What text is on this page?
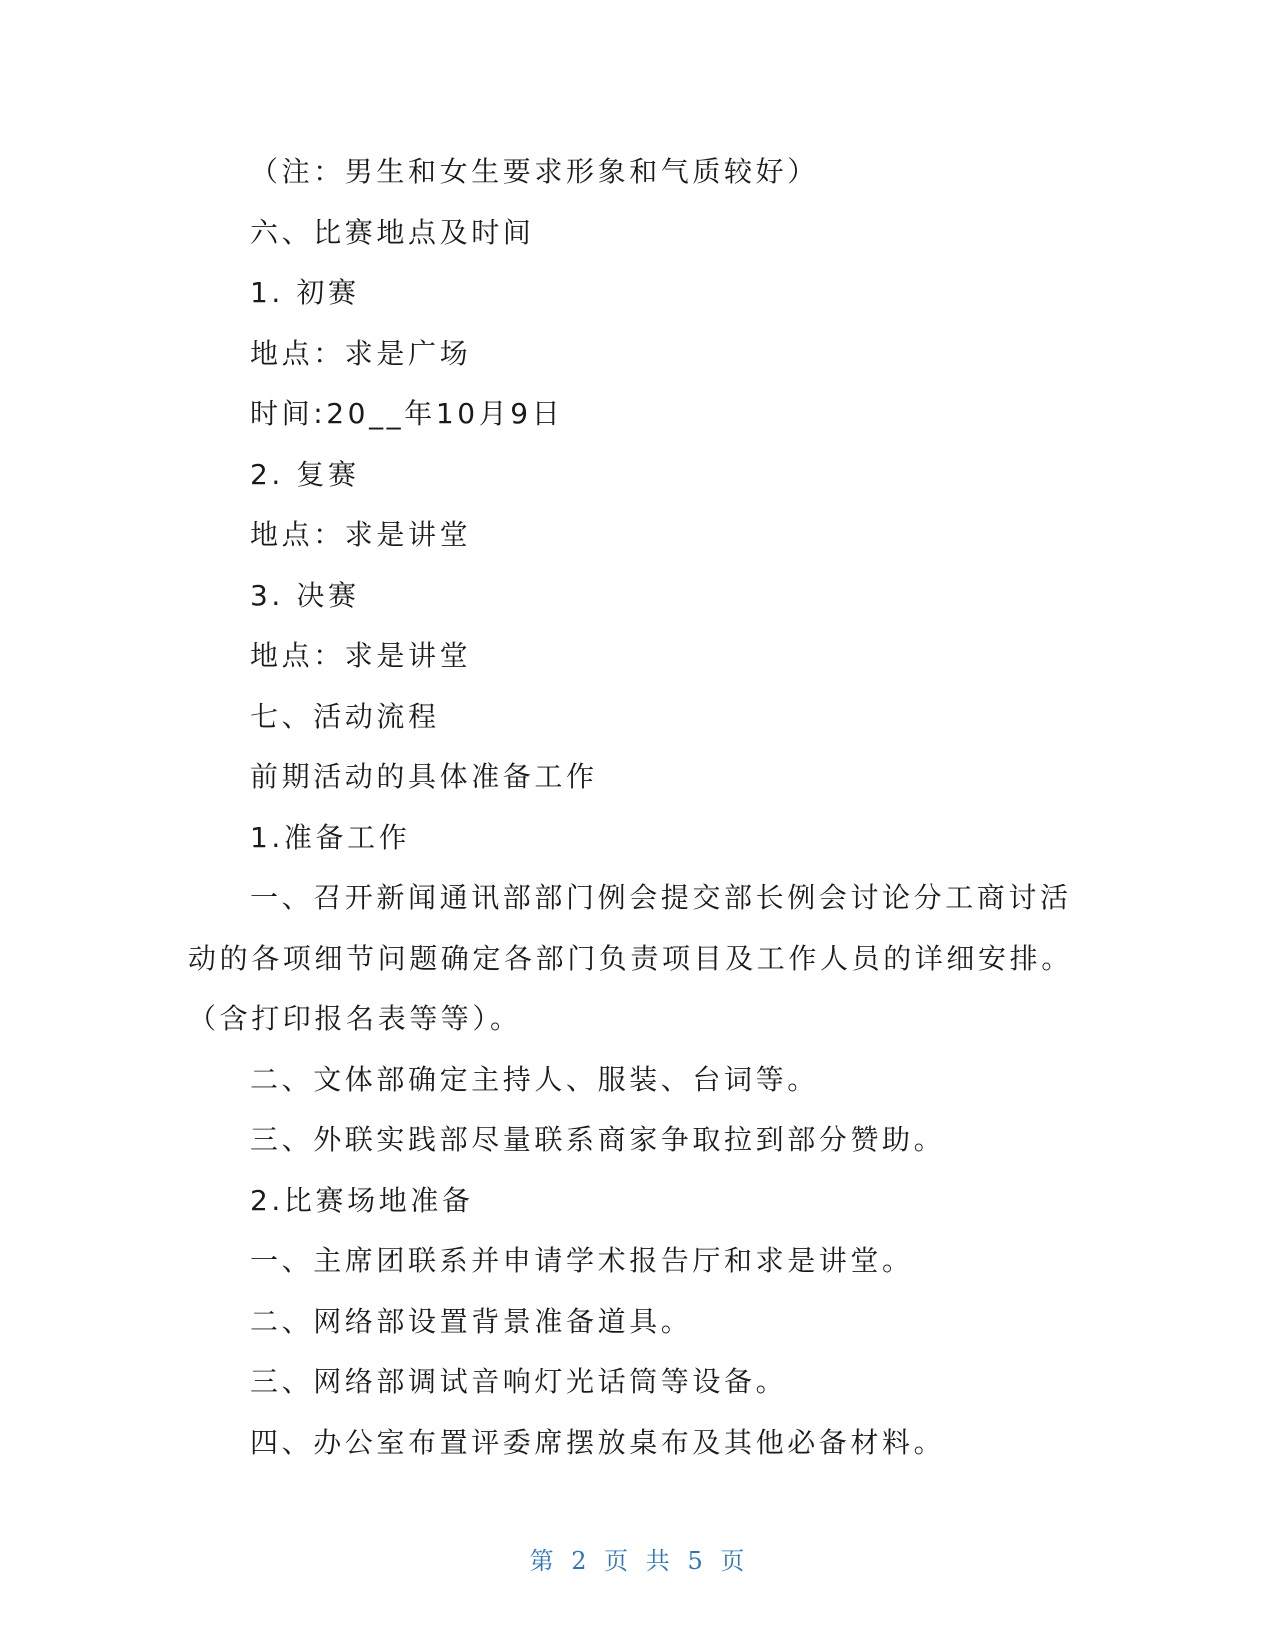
（注：男生和女生要求形象和气质较好）
六、比赛地点及时间
1. 初赛
地点：求是广场
时间:20__年10月9日
2. 复赛
地点：求是讲堂
3. 决赛
地点：求是讲堂
七、活动流程
前期活动的具体准备工作
1.准备工作
一、召开新闻通讯部部门例会提交部长例会讨论分工商讨活
动的各项细节问题确定各部门负责项目及工作人员的详细安排。
（含打印报名表等等）。
二、文体部确定主持人、服装、台词等。
三、外联实践部尽量联系商家争取拉到部分赞助。
2.比赛场地准备
一、主席团联系并申请学术报告厅和求是讲堂。
二、网络部设置背景准备道具。
三、网络部调试音响灯光话筒等设备。
四、办公室布置评委席摆放桌布及其他必备材料。
第 2 页 共 5 页
